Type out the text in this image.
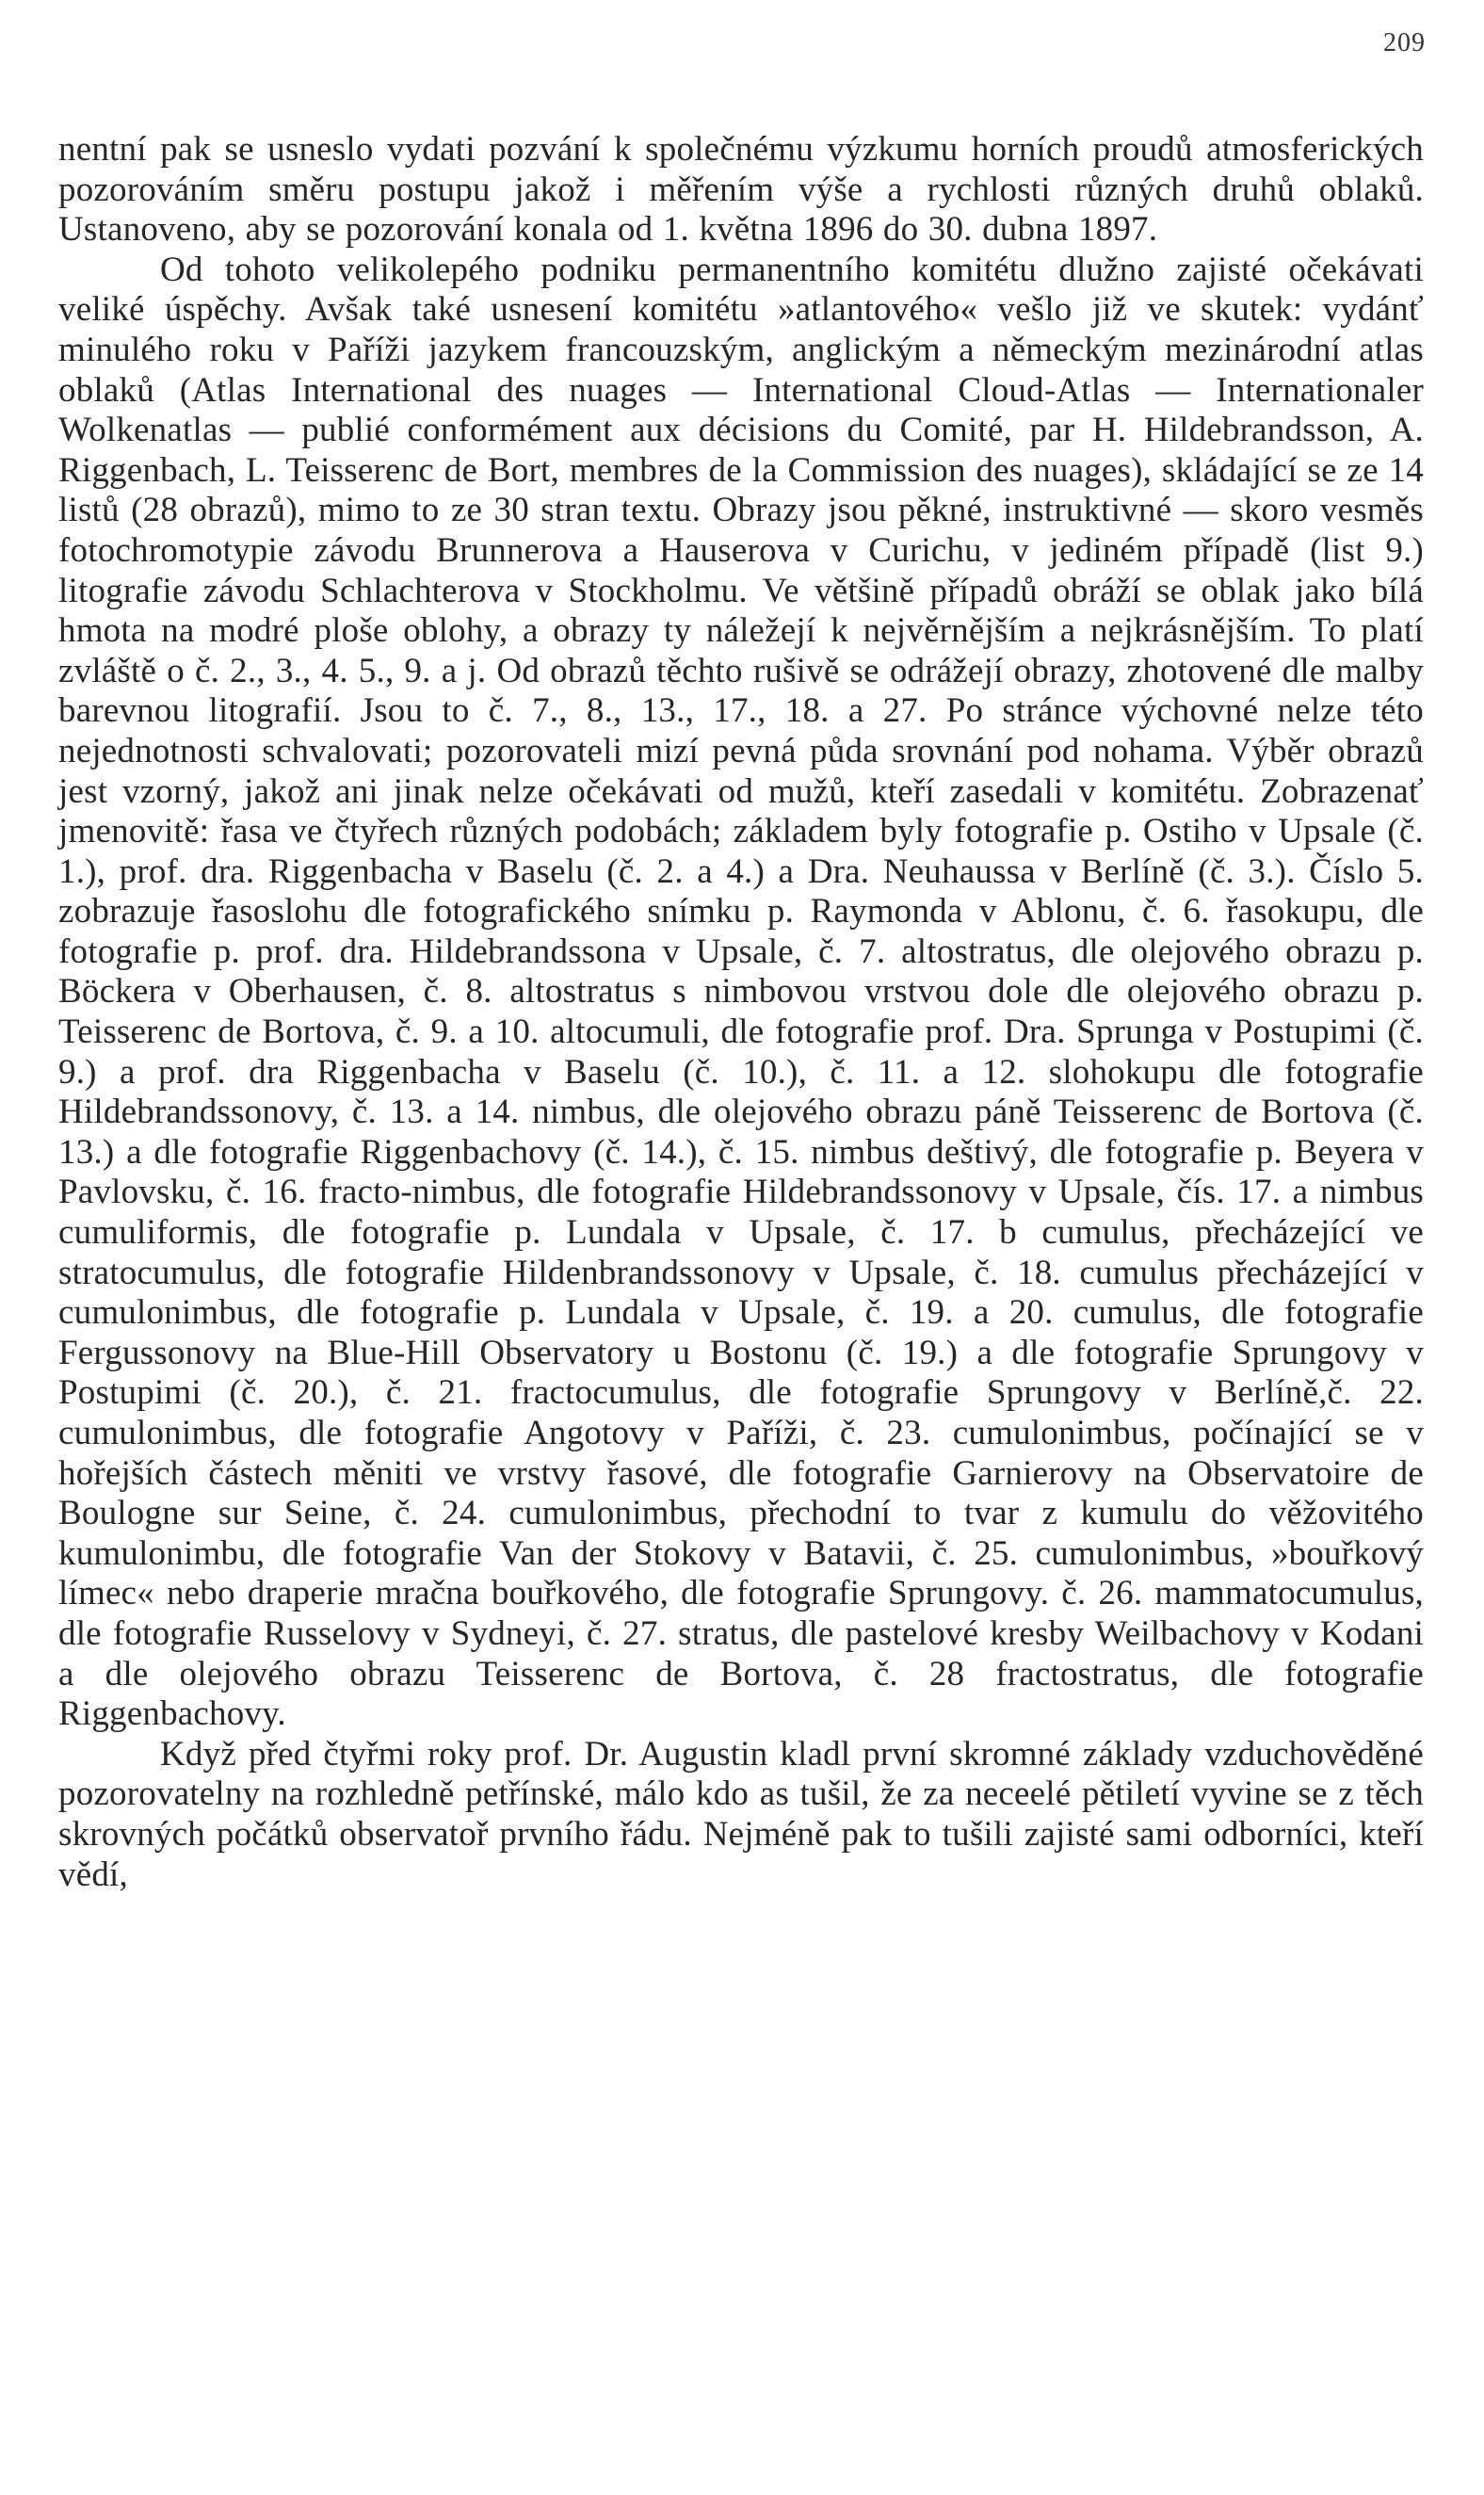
209

nentní pak se usneslo vydati pozvání k společnému výzkumu horních proudů atmosferických pozorováním směru postupu jakož i měřením výše a rychlosti různých druhů oblaků. Ustanoveno, aby se pozorování konala od 1. května 1896 do 30. dubna 1897.

Od tohoto velikolepého podniku permanentního komitétu dlužno zajisté očekávati veliké úspěchy. Avšak také usnesení komitétu »atlantového« vešlo již ve skutek: vydánť minulého roku v Paříži jazykem francouzským, anglickým a německým mezinárodní atlas oblaků (Atlas International des nuages — International Cloud-Atlas — Internationaler Wolkenatlas — publié conformément aux décisions du Comité, par H. Hildebrandsson, A. Riggenbach, L. Teisserenc de Bort, membres de la Commission des nuages), skládající se ze 14 listů (28 obrazů), mimo to ze 30 stran textu. Obrazy jsou pěkné, instruktivné — skoro vesměs fotochromotypie závodu Brunnerova a Hauserova v Curichu, v jediném případě (list 9.) litografie závodu Schlachterova v Stockholmu. Ve většině případů obráží se oblak jako bílá hmota na modré ploše oblohy, a obrazy ty náležejí k nejvěrnějším a nejkrásnějším. To platí zvláště o č. 2., 3., 4. 5., 9. a j. Od obrazů těchto rušivě se odrážejí obrazy, zhotovené dle malby barevnou litografií. Jsou to č. 7., 8., 13., 17., 18. a 27. Po stránce výchovné nelze této nejednotnosti schvalovati; pozorovateli mizí pevná půda srovnání pod nohama. Výběr obrazů jest vzorný, jakož ani jinak nelze očekávati od mužů, kteří zasedali v komitétu. Zobrazenať jmenovitě: řasa ve čtyřech různých podobách; základem byly fotografie p. Ostiho v Upsale (č. 1.), prof. dra. Riggenbacha v Baselu (č. 2. a 4.) a Dra. Neuhaussa v Berlíně (č. 3.). Číslo 5. zobrazuje řasoslohu dle fotografického snímku p. Raymonda v Ablonu, č. 6. řasokupu, dle fotografie p. prof. dra. Hildebrandssona v Upsale, č. 7. altostratus, dle olejového obrazu p. Böckera v Oberhausen, č. 8. altostratus s nimbovou vrstvou dole dle olejového obrazu p. Teisserenc de Bortova, č. 9. a 10. altocumuli, dle fotografie prof. Dra. Sprunga v Postupimi (č. 9.) a prof. dra Riggenbacha v Baselu (č. 10.), č. 11. a 12. slohokupu dle fotografie Hildebrandssonovy, č. 13. a 14. nimbus, dle olejového obrazu páně Teisserenc de Bortova (č. 13.) a dle fotografie Riggenbachovy (č. 14.), č. 15. nimbus deštivý, dle fotografie p. Beyera v Pavlovsku, č. 16. fracto-nimbus, dle fotografie Hildebrandssonovy v Upsale, čís. 17. a nimbus cumuliformis, dle fotografie p. Lundala v Upsale, č. 17. b cumulus, přecházející ve stratocumulus, dle fotografie Hildenbrandssonovy v Upsale, č. 18. cumulus přecházející v cumulonimbus, dle fotografie p. Lundala v Upsale, č. 19. a 20. cumulus, dle fotografie Fergussonovy na Blue-Hill Observatory u Bostonu (č. 19.) a dle fotografie Sprungovy v Postupimi (č. 20.), č. 21. fractocumulus, dle fotografie Sprungovy v Berlíně,č. 22. cumulonimbus, dle fotografie Angotovy v Paříži, č. 23. cumulonimbus, počínající se v hořejších částech měniti ve vrstvy řasové, dle fotografie Garnierovy na Observatoire de Boulogne sur Seine, č. 24. cumulonimbus, přechodní to tvar z kumulu do věžovitého kumulonimbu, dle fotografie Van der Stokovy v Batavii, č. 25. cumulonimbus, »bouřkový límec« nebo draperie mračna bouřkového, dle fotografie Sprungovy. č. 26. mammatocumulus, dle fotografie Russelovy v Sydneyi, č. 27. stratus, dle pastelové kresby Weilbachovy v Kodani a dle olejového obrazu Teisserenc de Bortova, č. 28 fractostratus, dle fotografie Riggenbachovy.

Když před čtyřmi roky prof. Dr. Augustin kladl první skromné základy vzduchověděné pozorovatelny na rozhledně petřínské, málo kdo as tušil, že za neceelé pětiletí vyvine se z těch skrovných počátků observatoř prvního řádu. Nejméně pak to tušili zajisté sami odborníci, kteří vědí,
